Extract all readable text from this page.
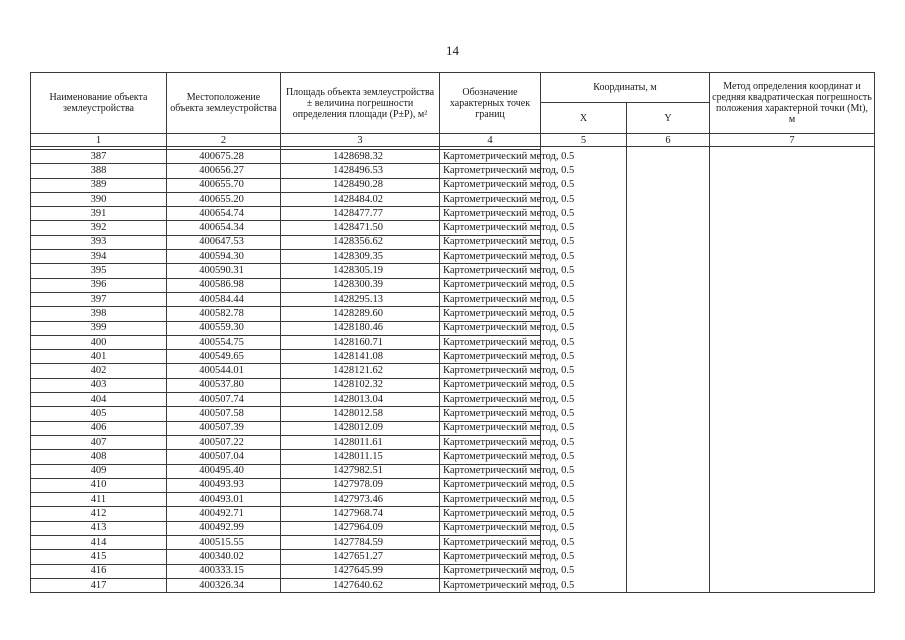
14
Наименование объекта землеустройства	Местоположение объекта землеустройства	Площадь объекта землеустройства ± величина погрешности определения площади (P±P), м²	Обозначение характерных точек границ	Координаты, м		Метод определения координат и средняя квадратическая погрешность положения характерной точки (Mt), м
				X	Y	
1	2	3	4	5	6	7

387	400675.28	1428698.32	Картометрический метод, 0.5			
388	400656.27	1428496.53	Картометрический метод, 0.5			
389	400655.70	1428490.28	Картометрический метод, 0.5			
390	400655.20	1428484.02	Картометрический метод, 0.5			
391	400654.74	1428477.77	Картометрический метод, 0.5			
392	400654.34	1428471.50	Картометрический метод, 0.5			
393	400647.53	1428356.62	Картометрический метод, 0.5			
394	400594.30	1428309.35	Картометрический метод, 0.5			
395	400590.31	1428305.19	Картометрический метод, 0.5			
396	400586.98	1428300.39	Картометрический метод, 0.5			
397	400584.44	1428295.13	Картометрический метод, 0.5			
398	400582.78	1428289.60	Картометрический метод, 0.5			
399	400559.30	1428180.46	Картометрический метод, 0.5			
400	400554.75	1428160.71	Картометрический метод, 0.5			
401	400549.65	1428141.08	Картометрический метод, 0.5			
402	400544.01	1428121.62	Картометрический метод, 0.5			
403	400537.80	1428102.32	Картометрический метод, 0.5			
404	400507.74	1428013.04	Картометрический метод, 0.5			
405	400507.58	1428012.58	Картометрический метод, 0.5			
406	400507.39	1428012.09	Картометрический метод, 0.5			
407	400507.22	1428011.61	Картометрический метод, 0.5			
408	400507.04	1428011.15	Картометрический метод, 0.5			
409	400495.40	1427982.51	Картометрический метод, 0.5			
410	400493.93	1427978.09	Картометрический метод, 0.5			
411	400493.01	1427973.46	Картометрический метод, 0.5			
412	400492.71	1427968.74	Картометрический метод, 0.5			
413	400492.99	1427964.09	Картометрический метод, 0.5			
414	400515.55	1427784.59	Картометрический метод, 0.5			
415	400340.02	1427651.27	Картометрический метод, 0.5			
416	400333.15	1427645.99	Картометрический метод, 0.5			
417	400326.34	1427640.62	Картометрический метод, 0.5			
